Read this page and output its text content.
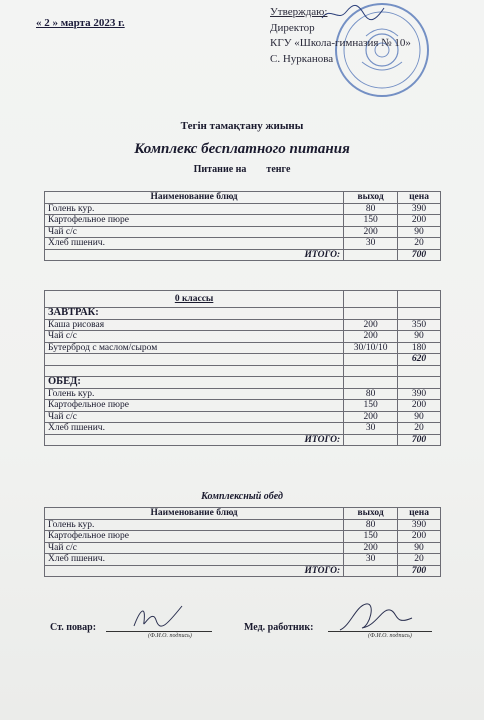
« 2 » марта 2023 г.
Утверждаю:
Директор
КГУ «Школа-гимназия № 10»
С. Нурканова
Тегін тамақтану жиыны
Комплекс бесплатного питания
Питание на тенге
Наименование блюд	выход	цена
Голень кур.	80	390
Картофельное пюре	150	200
Чай с/с	200	90
Хлеб пшенич.	30	20
ИТОГО:		700
0 классы		
ЗАВТРАК:		
Каша рисовая	200	350
Чай с/с	200	90
Бутерброд с маслом/сыром	30/10/10	180
		620

ОБЕД:		
Голень кур.	80	390
Картофельное пюре	150	200
Чай с/с	200	90
Хлеб пшенич.	30	20
ИТОГО:		700
Комплексный обед
Наименование блюд	выход	цена
Голень кур.	80	390
Картофельное пюре	150	200
Чай с/с	200	90
Хлеб пшенич.	30	20
ИТОГО:		700
Ст. повар:
(Ф.И.О. подпись)
Мед. работник:
(Ф.И.О. подпись)
